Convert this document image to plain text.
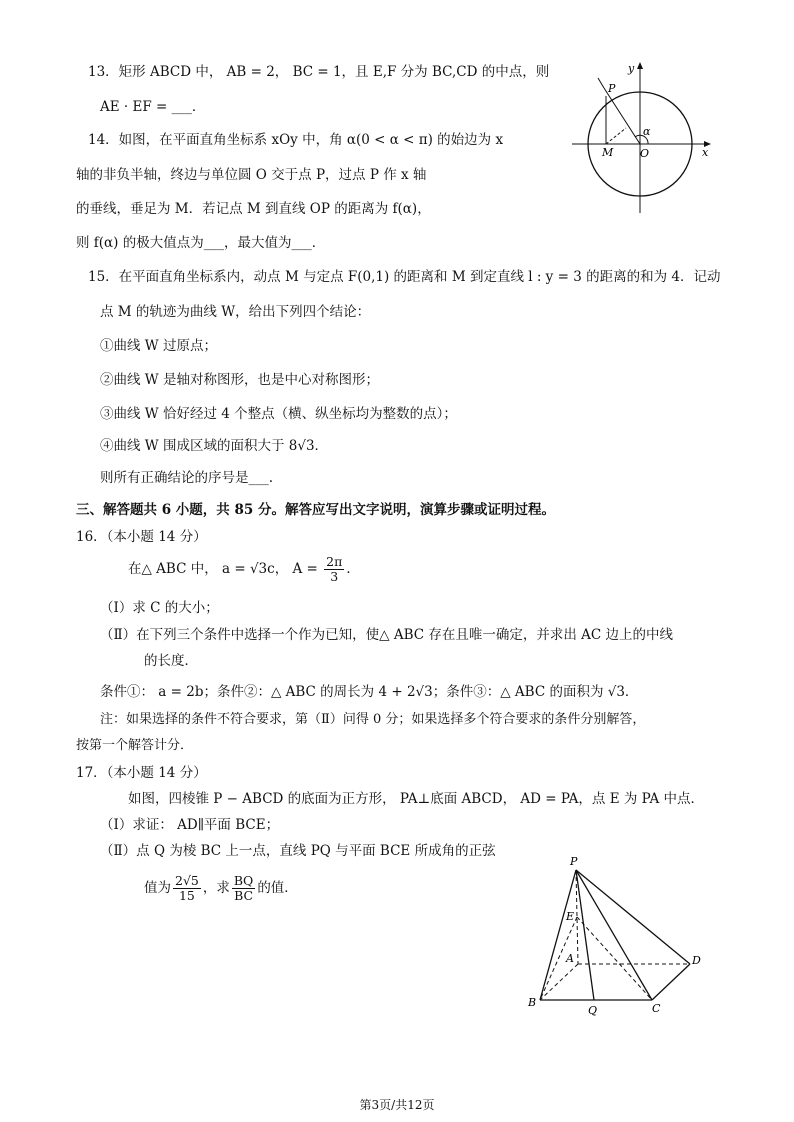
13．矩形 ABCD 中， AB = 2， BC = 1，且 E,F 分为 BC,CD 的中点，则
AE · EF = ___．
14．如图，在平面直角坐标系 xOy 中，角 α(0 < α < π) 的始边为 x
轴的非负半轴，终边与单位圆 O 交于点 P，过点 P 作 x 轴
的垂线，垂足为 M．若记点 M 到直线 OP 的距离为 f(α)，
则 f(α) 的极大值点为___，最大值为___．
y
x
P
M O
α
15．在平面直角坐标系内，动点 M 与定点 F(0,1) 的距离和 M 到定直线 l : y = 3 的距离的和为 4．记动
点 M 的轨迹为曲线 W，给出下列四个结论：
①曲线 W 过原点；
②曲线 W 是轴对称图形，也是中心对称图形；
③曲线 W 恰好经过 4 个整点（横、纵坐标均为整数的点）；
④曲线 W 围成区域的面积大于 8√3．
则所有正确结论的序号是___.
三、解答题共 6 小题，共 85 分。解答应写出文字说明，演算步骤或证明过程。
16．（本小题 14 分）
在△ ABC 中， a = √3c， $A = \frac{2\pi}{3}$ ．
（Ⅰ）求 C 的大小；
（Ⅱ）在下列三个条件中选择一个作为已知，使△ ABC 存在且唯一确定，并求出 AC 边上的中线
的长度．
条件①： a = 2b；条件②：△ ABC 的周长为 4 + 2√3；条件③：△ ABC 的面积为 √3．
注：如果选择的条件不符合要求，第（Ⅱ）问得 0 分；如果选择多个符合要求的条件分别解答，
按第一个解答计分．
17．（本小题 14 分）
如图，四棱锥 P − ABCD 的底面为正方形， PA⊥底面 ABCD， AD = PA，点 E 为 PA 中点．
（Ⅰ）求证： AD∥平面 BCE；
（Ⅱ）点 Q 为棱 BC 上一点，直线 PQ 与平面 BCE 所成角的正弦
值为 $\frac{2√5}{15}$ ，求 $\frac{BQ}{BC}$ 的值．
P
E
A
B
Q	C
D
第3页/共12页
